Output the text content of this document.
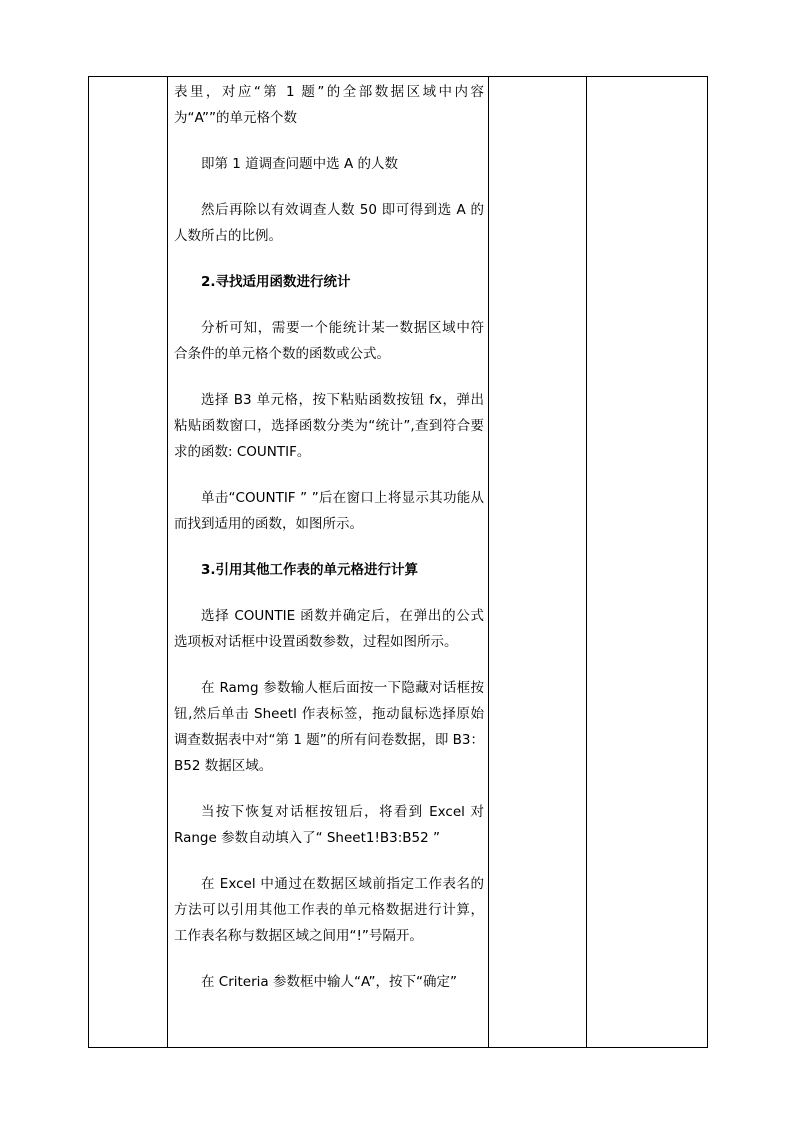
表里，对应“第 1 题”的全部数据区域中内容为“A””的单元格个数

即第 1 道调查问题中选 A 的人数

然后再除以有效调查人数 50 即可得到选 A 的人数所占的比例。

2.寻找适用函数进行统计

分析可知，需要一个能统计某一数据区域中符合条件的单元格个数的函数或公式。

选择 B3 单元格，按下粘贴函数按钮 fx，弹出粘贴函数窗口，选择函数分类为“统计”,查到符合要求的函数: COUNTIF。

单击“COUNTIF ” ”后在窗口上将显示其功能从而找到适用的函数，如图所示。

3.引用其他工作表的单元格进行计算

选择 COUNTIE 函数并确定后，在弹出的公式选项板对话框中设置函数参数，过程如图所示。

在 Ramg 参数输人框后面按一下隐藏对话框按钮,然后单击 Sheetl 作表标签，拖动鼠标选择原始调查数据表中对“第 1 题”的所有问卷数据，即 B3：B52 数据区域。

当按下恢复对话框按钮后，将看到 Excel 对 Range 参数自动填入了“ Sheet1!B3:B52 ”

在 Excel 中通过在数据区域前指定工作表名的方法可以引用其他工作表的单元格数据进行计算，工作表名称与数据区域之间用“!”号隔开。

在 Criteria 参数框中输人“A”，按下“确定”
